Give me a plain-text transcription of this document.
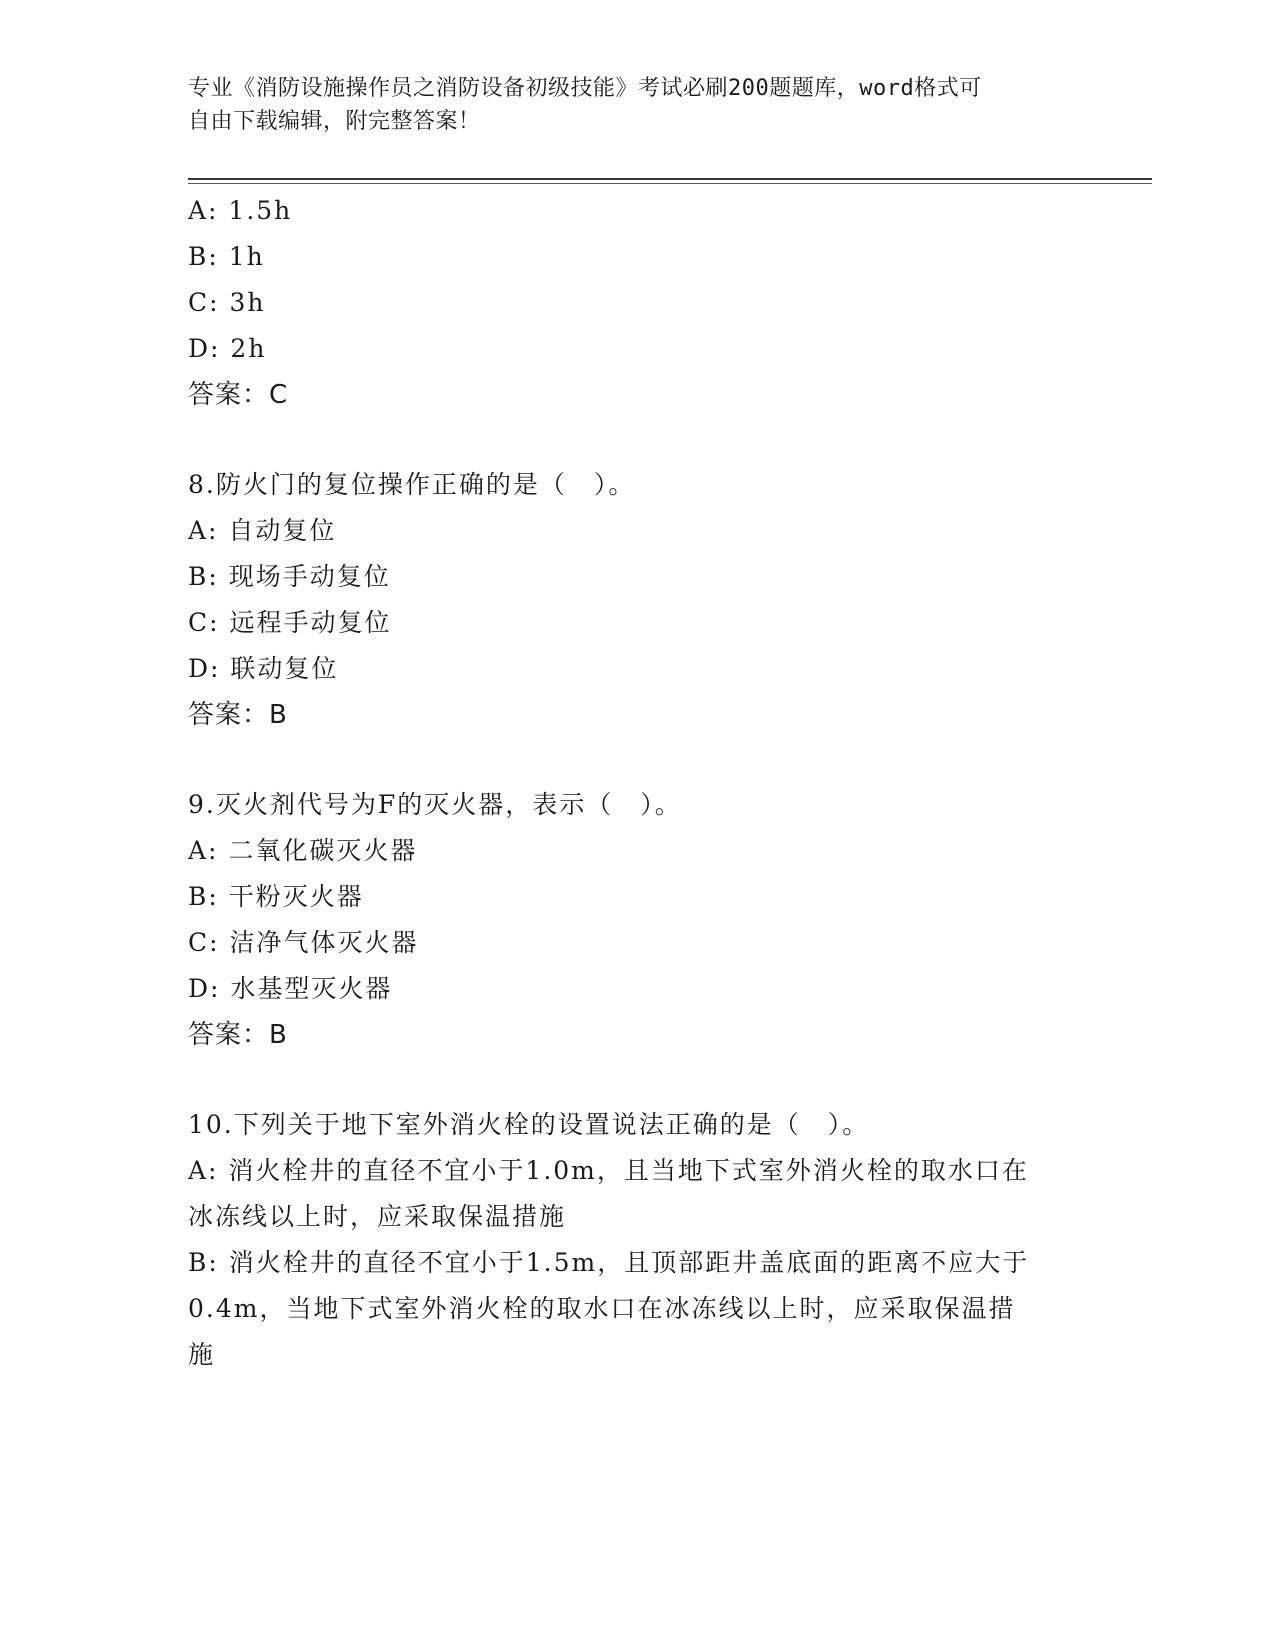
专业《消防设施操作员之消防设备初级技能》考试必刷200题题库，word格式可
自由下载编辑，附完整答案！
A: 1.5h
B: 1h
C: 3h
D: 2h
答案：C
8.防火门的复位操作正确的是（　）。
A: 自动复位
B: 现场手动复位
C: 远程手动复位
D: 联动复位
答案：B
9.灭火剂代号为F的灭火器，表示（　）。
A: 二氧化碳灭火器
B: 干粉灭火器
C: 洁净气体灭火器
D: 水基型灭火器
答案：B
10.下列关于地下室外消火栓的设置说法正确的是（　）。
A: 消火栓井的直径不宜小于1.0m，且当地下式室外消火栓的取水口在
冰冻线以上时，应采取保温措施
B: 消火栓井的直径不宜小于1.5m，且顶部距井盖底面的距离不应大于
0.4m，当地下式室外消火栓的取水口在冰冻线以上时，应采取保温措
施
